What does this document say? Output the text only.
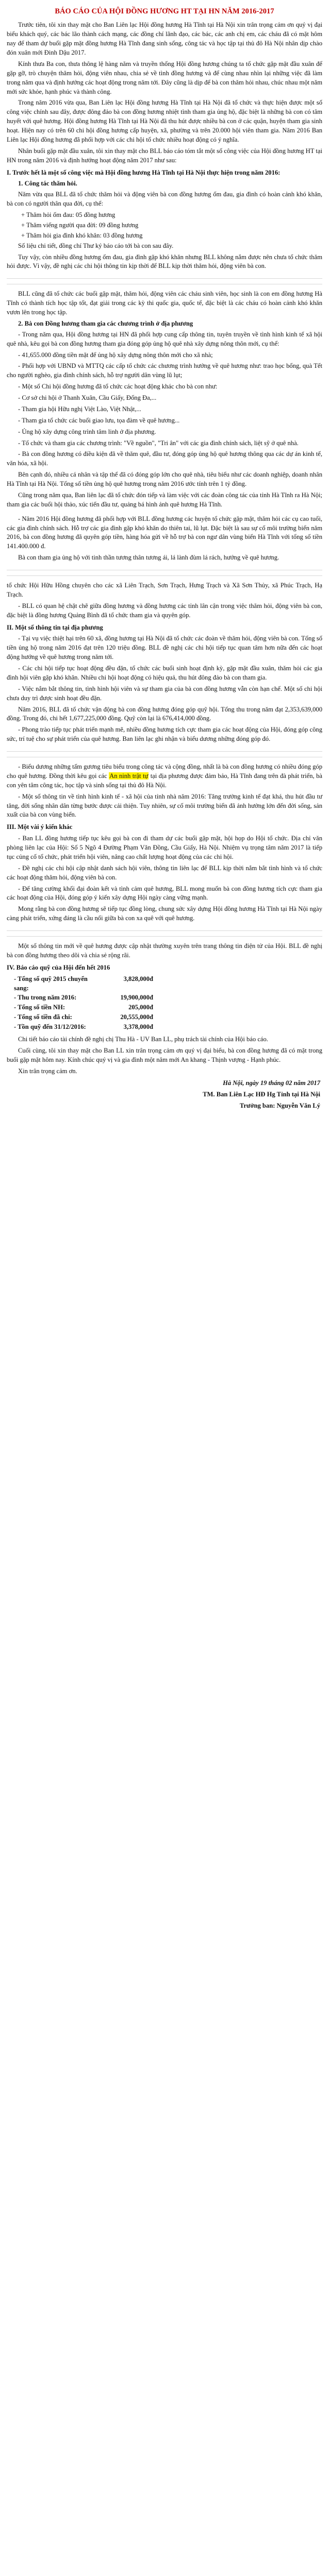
BÁO CÁO CỦA HỘI ĐỒNG HƯƠNG HT TẠI HN NĂM 2016-2017

Trước tiên, tôi xin thay mặt cho Ban Liên lạc Hội đồng hương Hà Tĩnh tại Hà Nội xin trân trọng cảm ơn quý vị đại biểu khách quý, các bác lão thành cách mạng, các đồng chí lãnh đạo, các bác, các anh chị em, các cháu đã có mặt hôm nay để tham dự buổi gặp mặt đồng hương Hà Tĩnh đang sinh sống, công tác và học tập tại thủ đô Hà Nội nhân dịp chào đón xuân mới Đinh Dậu 2017.

Kính thưa Ba con, thưa thông lệ hàng năm và truyền thống Hội đồng hương chúng ta tổ chức gặp mặt đầu xuân để gặp gỡ, trò chuyện thăm hỏi, động viên nhau, chia sẻ về tình đồng hương và để cùng nhau nhìn lại những việc đã làm trong năm qua và định hướng các hoạt động trong năm tới. Đây cũng là dịp để bà con thăm hỏi nhau, chúc nhau một năm mới sức khỏe, hạnh phúc và thành công.

Trong năm 2016 vừa qua, Ban Liên lạc Hội đồng hương Hà Tĩnh tại Hà Nội đã tổ chức và thực hiện được một số công việc chính sau đây, được đông đảo bà con đồng hương nhiệt tình tham gia ủng hộ, đặc biệt là những bà con có tâm huyết với quê hương. Hội đồng hương Hà Tĩnh tại Hà Nội đã thu hút được nhiều bà con ở các quận, huyện tham gia sinh hoạt. Hiện nay có trên 60 chi hội đồng hương cấp huyện, xã, phường và trên 20.000 hội viên tham gia. Năm 2016 Ban Liên lạc Hội đồng hương đã phối hợp với các chi hội tổ chức nhiều hoạt động có ý nghĩa.

Nhân buổi gặp mặt đầu xuân, tôi xin thay mặt cho BLL báo cáo tóm tắt một số công việc của Hội đồng hương HT tại HN trong năm 2016 và định hướng hoạt động năm 2017 như sau:

I. Trước hết là một số công việc mà Hội đồng hương Hà Tĩnh tại Hà Nội thực hiện trong năm 2016:

1. Công tác thăm hỏi.

Năm vừa qua BLL đã tổ chức thăm hỏi và động viên bà con đồng hương ốm đau, gia đình có hoàn cảnh khó khăn, bà con có người thân qua đời, cụ thể:

+ Thăm hỏi ốm đau: 05 đồng hương

+ Thăm viếng người qua đời: 09 đồng hương

+ Thăm hỏi gia đình khó khăn: 03 đồng hương

Số liệu chi tiết, đồng chí Thư ký báo cáo tới bà con sau đây.

Tuy vậy, còn nhiều đồng hương ốm đau, gia đình gặp khó khăn nhưng BLL không nắm được nên chưa tổ chức thăm hỏi được. Vì vậy, đề nghị các chi hội thông tin kịp thời để BLL kịp thời thăm hỏi, động viên bà con.

BLL cũng đã tổ chức các buổi gặp mặt, thăm hỏi, động viên các cháu sinh viên, học sinh là con em đồng hương Hà Tĩnh có thành tích học tập tốt, đạt giải trong các kỳ thi quốc gia, quốc tế, đặc biệt là các cháu có hoàn cảnh khó khăn vươn lên trong học tập.

2. Bà con Đồng hương tham gia các chương trình ở địa phương

- Trong năm qua, Hội đồng hương tại HN đã phối hợp cung cấp thông tin, tuyên truyền về tình hình kinh tế xã hội quê nhà, kêu gọi bà con đồng hương tham gia đóng góp ủng hộ quê nhà xây dựng nông thôn mới, cụ thể:

- 41,655.000 đồng tiền mặt để ủng hộ xây dựng nông thôn mới cho xã nhà;

- Phối hợp với UBND và MTTQ các cấp tổ chức các chương trình hướng về quê hương như: trao học bổng, quà Tết cho người nghèo, gia đình chính sách, hỗ trợ người dân vùng lũ lụt;

- Một số Chi hội đồng hương đã tổ chức các hoạt động khác cho bà con như:

- Cơ sở chi hội ở Thanh Xuân, Cầu Giấy, Đống Đa,...

- Tham gia hội Hữu nghị Việt Lào, Việt Nhật,...

- Tham gia tổ chức các buổi giao lưu, tọa đàm về quê hương...

- Ủng hộ xây dựng công trình tâm linh ở địa phương.

- Tổ chức và tham gia các chương trình: "Về nguồn", "Tri ân" với các gia đình chính sách, liệt sỹ ở quê nhà.

- Bà con đồng hương có điều kiện đã về thăm quê, đầu tư, đóng góp ủng hộ quê hương thông qua các dự án kinh tế, văn hóa, xã hội.

Bên cạnh đó, nhiều cá nhân và tập thể đã có đóng góp lớn cho quê nhà, tiêu biểu như các doanh nghiệp, doanh nhân Hà Tĩnh tại Hà Nội. Tổng số tiền ủng hộ quê hương trong năm 2016 ước tính trên 1 tỷ đồng.

Cũng trong năm qua, Ban liên lạc đã tổ chức đón tiếp và làm việc với các đoàn công tác của tỉnh Hà Tĩnh ra Hà Nội; tham gia các buổi hội thảo, xúc tiến đầu tư, quảng bá hình ảnh quê hương Hà Tĩnh.

- Năm 2016 Hội đồng hương đã phối hợp với BLL đồng hương các huyện tổ chức gặp mặt, thăm hỏi các cụ cao tuổi, các gia đình chính sách. Hỗ trợ các gia đình gặp khó khăn do thiên tai, lũ lụt. Đặc biệt là sau sự cố môi trường biển năm 2016, bà con đồng hương đã quyên góp tiền, hàng hóa gửi về hỗ trợ bà con ngư dân vùng biển Hà Tĩnh với tổng số tiền 141.400.000 đ.

Bà con tham gia ủng hộ với tinh thần tương thân tương ái, lá lành đùm lá rách, hướng về quê hương.

tổ chức Hội Hữu Hồng chuyên cho các xã Liên Trạch, Sơn Trạch, Hưng Trạch và Xã Sơn Thủy, xã Phúc Trạch, Hạ Trạch.

- BLL có quan hệ chặt chẽ giữa đồng hương và đồng hương các tỉnh lân cận trong việc thăm hỏi, động viên bà con, đặc biệt là đồng hương Quảng Bình đã tổ chức tham gia và quyên góp.

II. Một số thông tin tại địa phương

- Tại vụ việc thiệt hại trên 60 xã, đồng hương tại Hà Nội đã tổ chức các đoàn về thăm hỏi, động viên bà con. Tổng số tiền ủng hộ trong năm 2016 đạt trên 120 triệu đồng. BLL đề nghị các chi hội tiếp tục quan tâm hơn nữa đến các hoạt động hướng về quê hương trong năm tới.

- Các chi hội tiếp tục hoạt động đều đặn, tổ chức các buổi sinh hoạt định kỳ, gặp mặt đầu xuân, thăm hỏi các gia đình hội viên gặp khó khăn. Nhiều chi hội hoạt động có hiệu quả, thu hút đông đảo bà con tham gia.

- Việc nắm bắt thông tin, tình hình hội viên và sự tham gia của bà con đồng hương vẫn còn hạn chế. Một số chi hội chưa duy trì được sinh hoạt đều đặn.

Năm 2016, BLL đã tổ chức vận động bà con đồng hương đóng góp quỹ hội. Tổng thu trong năm đạt 2,353,639,000 đồng. Trong đó, chi hết 1,677,225,000 đồng. Quỹ còn lại là 676,414,000 đồng.

- Phong trào tiếp tục phát triển mạnh mẽ, nhiều đồng hương tích cực tham gia các hoạt động của Hội, đóng góp công sức, trí tuệ cho sự phát triển của quê hương. Ban liên lạc ghi nhận và biểu dương những đóng góp đó.

- Biểu dương những tấm gương tiêu biểu trong công tác và cộng đồng, nhất là bà con đồng hương có nhiều đóng góp cho quê hương. Đồng thời kêu gọi các An ninh trật tự tại địa phương được đảm bảo, Hà Tĩnh đang trên đà phát triển, bà con yên tâm công tác, học tập và sinh sống tại thủ đô Hà Nội.

- Một số thông tin về tình hình kinh tế - xã hội của tỉnh nhà năm 2016: Tăng trưởng kinh tế đạt khá, thu hút đầu tư tăng, đời sống nhân dân từng bước được cải thiện. Tuy nhiên, sự cố môi trường biển đã ảnh hưởng lớn đến đời sống, sản xuất của bà con vùng biển.

III. Một vài ý kiến khác

- Ban LL đồng hương tiếp tục kêu gọi bà con đi tham dự các buổi gặp mặt, hội họp do Hội tổ chức. Địa chỉ văn phòng liên lạc của Hội: Số 5 Ngõ 4 Đường Phạm Văn Đồng, Cầu Giấy, Hà Nội. Nhiệm vụ trọng tâm năm 2017 là tiếp tục củng cố tổ chức, phát triển hội viên, nâng cao chất lượng hoạt động của các chi hội.

- Đề nghị các chi hội cập nhật danh sách hội viên, thông tin liên lạc để BLL kịp thời nắm bắt tình hình và tổ chức các hoạt động thăm hỏi, động viên bà con.

- Để tăng cường khối đại đoàn kết và tình cảm quê hương, BLL mong muốn bà con đồng hương tích cực tham gia các hoạt động của Hội, đóng góp ý kiến xây dựng Hội ngày càng vững mạnh.

Mong rằng bà con đồng hương sẽ tiếp tục đồng lòng, chung sức xây dựng Hội đồng hương Hà Tĩnh tại Hà Nội ngày càng phát triển, xứng đáng là cầu nối giữa bà con xa quê với quê hương.

Một số thông tin mới về quê hương được cập nhật thường xuyên trên trang thông tin điện tử của Hội. BLL đề nghị bà con đồng hương theo dõi và chia sẻ rộng rãi.

IV. Báo cáo quỹ của Hội đến hết 2016

- Tổng số quỹ 2015 chuyển sang:
3,828,000đ
- Thu trong năm 2016:	19,900,000đ
- Tổng số tiền NH:	205,000đ
- Tổng số tiền đã chi:	20,555,000đ
- Tồn quỹ đến 31/12/2016:	3,378,000đ

Chi tiết báo cáo tài chính đề nghị chị Thu Hà - UV Ban LL, phụ trách tài chính của Hội báo cáo.

Cuối cùng, tôi xin thay mặt cho Ban LL xin trân trọng cảm ơn quý vị đại biểu, bà con đồng hương đã có mặt trong buổi gặp mặt hôm nay. Kính chúc quý vị và gia đình một năm mới An khang - Thịnh vượng - Hạnh phúc.

Xin trân trọng cảm ơn.

Hà Nội, ngày 19 tháng 02 năm 2017

TM. Ban Liên Lạc HĐ Hg Tỉnh tại Hà Nội

Trưởng ban: Nguyễn Văn Lý
